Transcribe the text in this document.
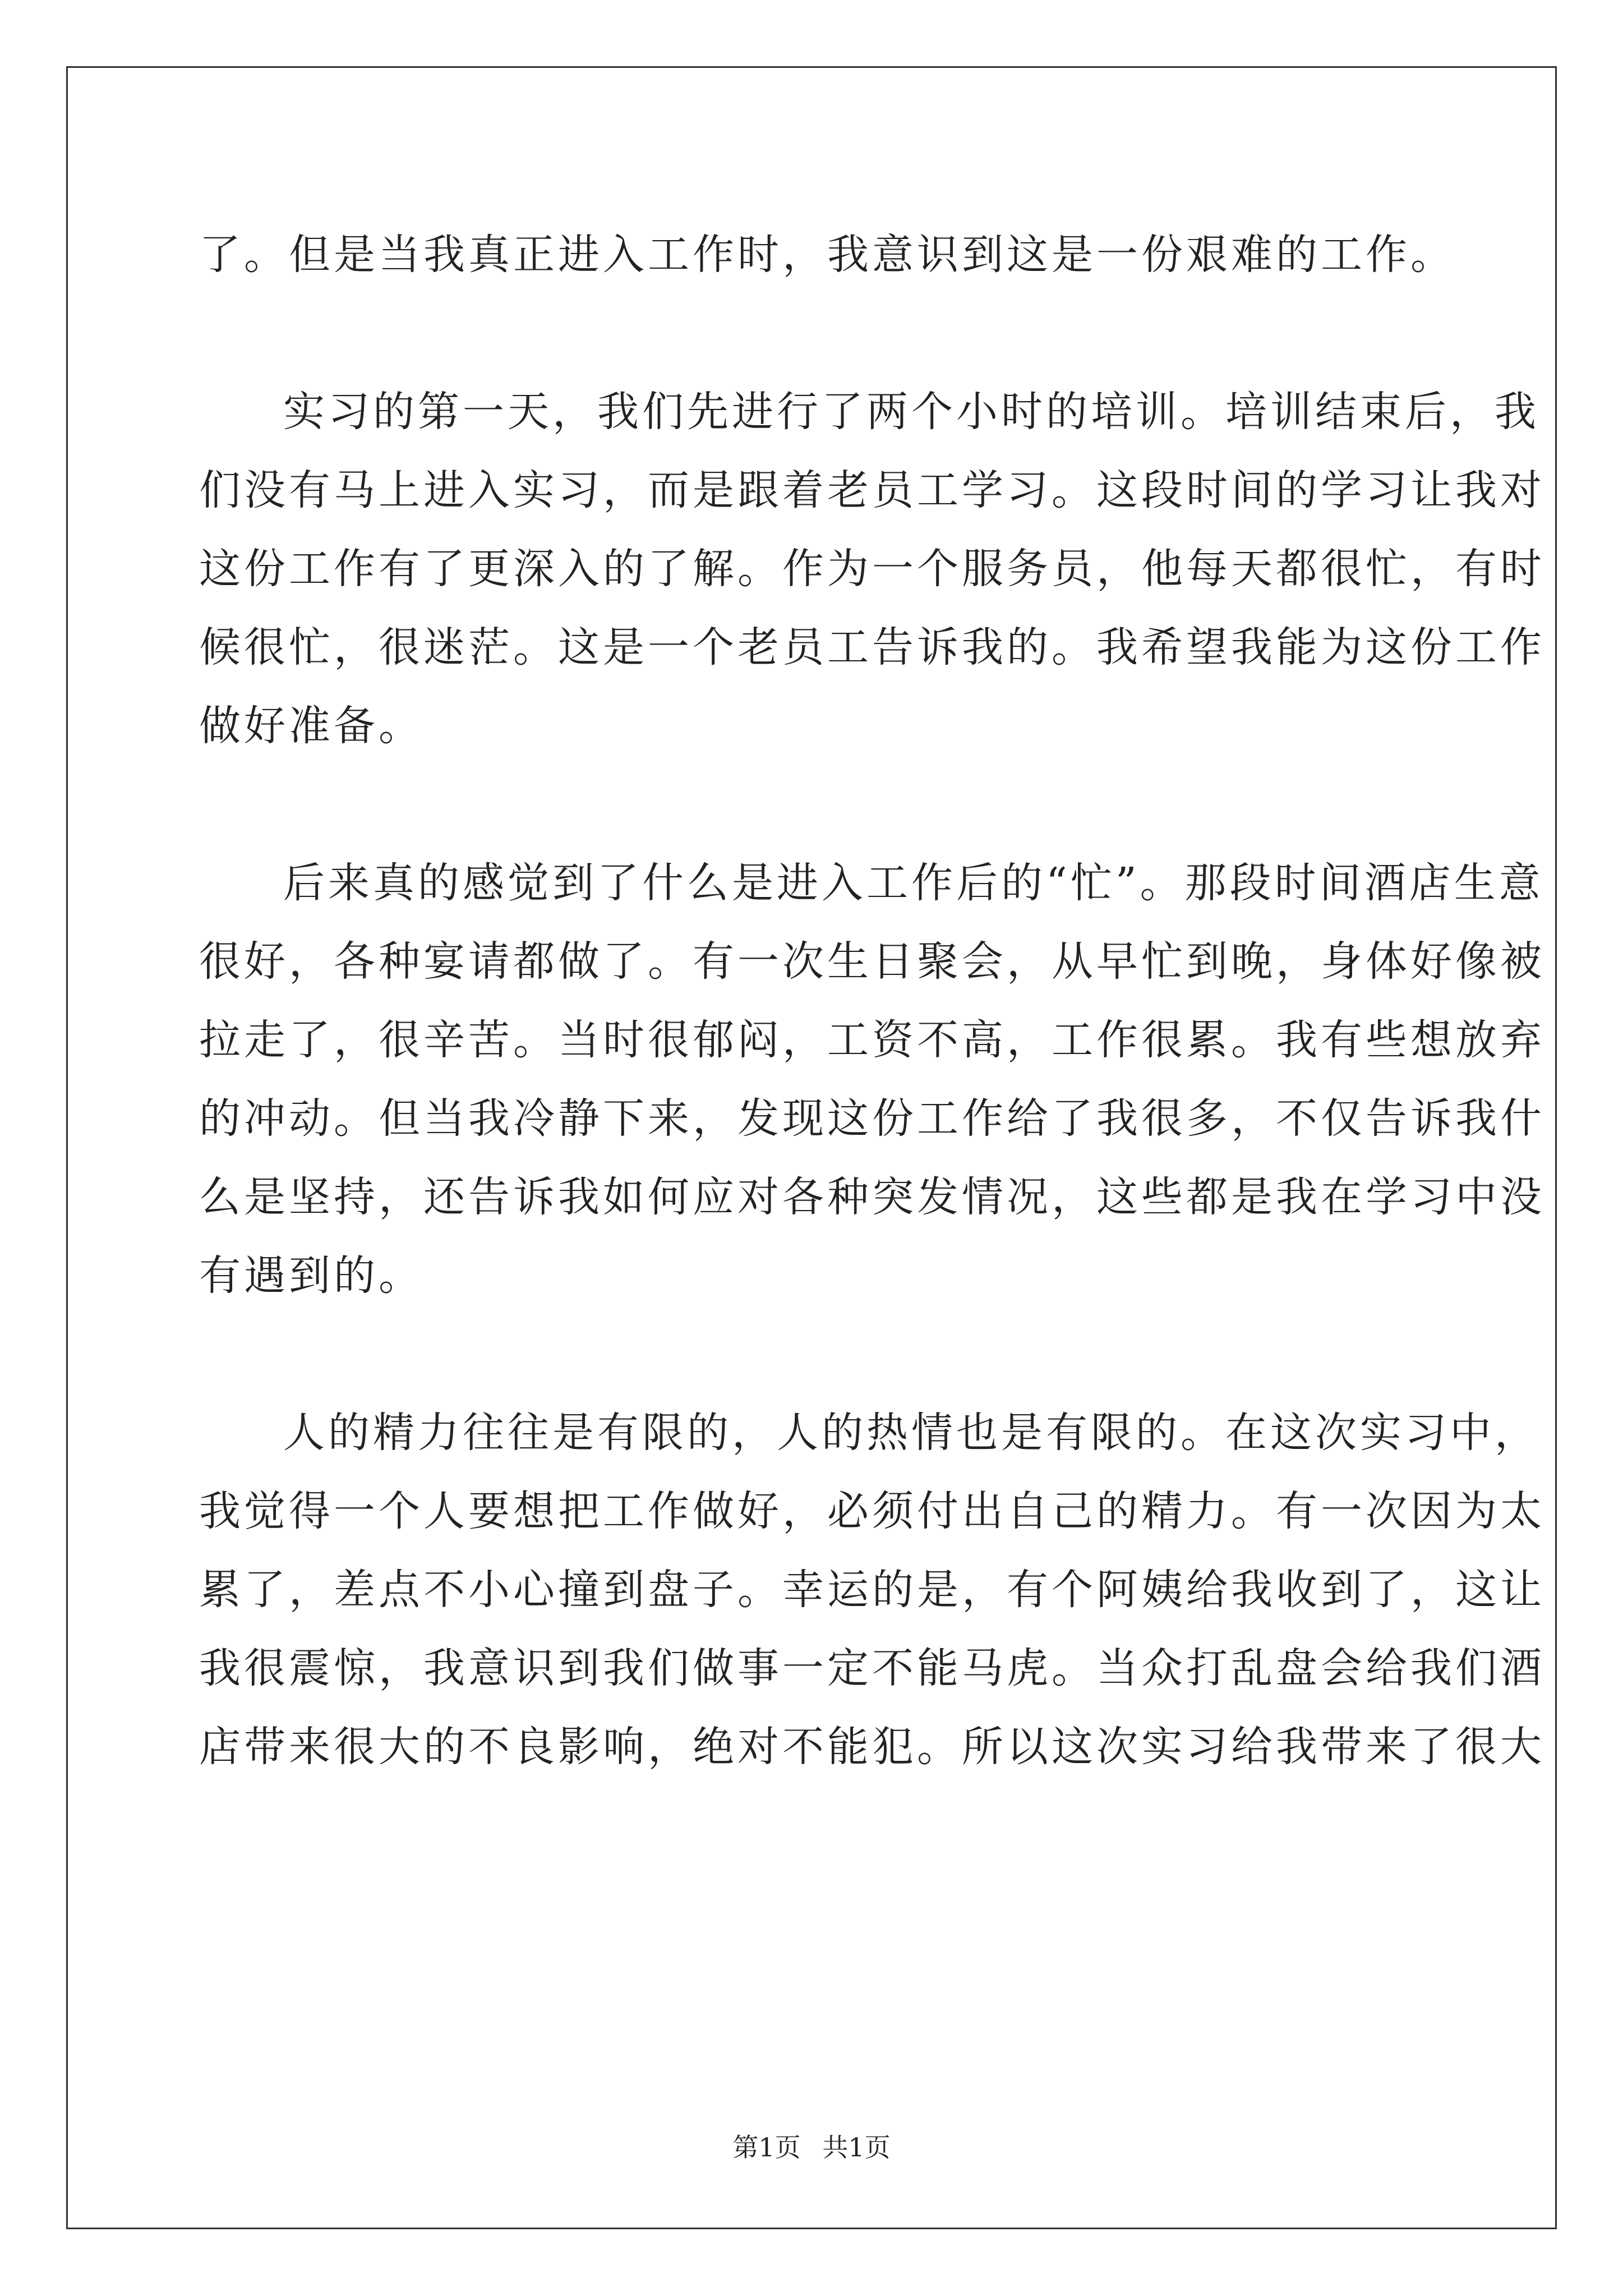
了。但是当我真正进入工作时，我意识到这是一份艰难的工作。
实习的第一天，我们先进行了两个小时的培训。培训结束后，我
们没有马上进入实习，而是跟着老员工学习。这段时间的学习让我对
这份工作有了更深入的了解。作为一个服务员，他每天都很忙，有时
候很忙，很迷茫。这是一个老员工告诉我的。我希望我能为这份工作
做好准备。
后来真的感觉到了什么是进入工作后的“忙”。那段时间酒店生意
很好，各种宴请都做了。有一次生日聚会，从早忙到晚，身体好像被
拉走了，很辛苦。当时很郁闷，工资不高，工作很累。我有些想放弃
的冲动。但当我冷静下来，发现这份工作给了我很多，不仅告诉我什
么是坚持，还告诉我如何应对各种突发情况，这些都是我在学习中没
有遇到的。
人的精力往往是有限的，人的热情也是有限的。在这次实习中，
我觉得一个人要想把工作做好，必须付出自己的精力。有一次因为太
累了，差点不小心撞到盘子。幸运的是，有个阿姨给我收到了，这让
我很震惊，我意识到我们做事一定不能马虎。当众打乱盘会给我们酒
店带来很大的不良影响，绝对不能犯。所以这次实习给我带来了很大
第1页 共1页
